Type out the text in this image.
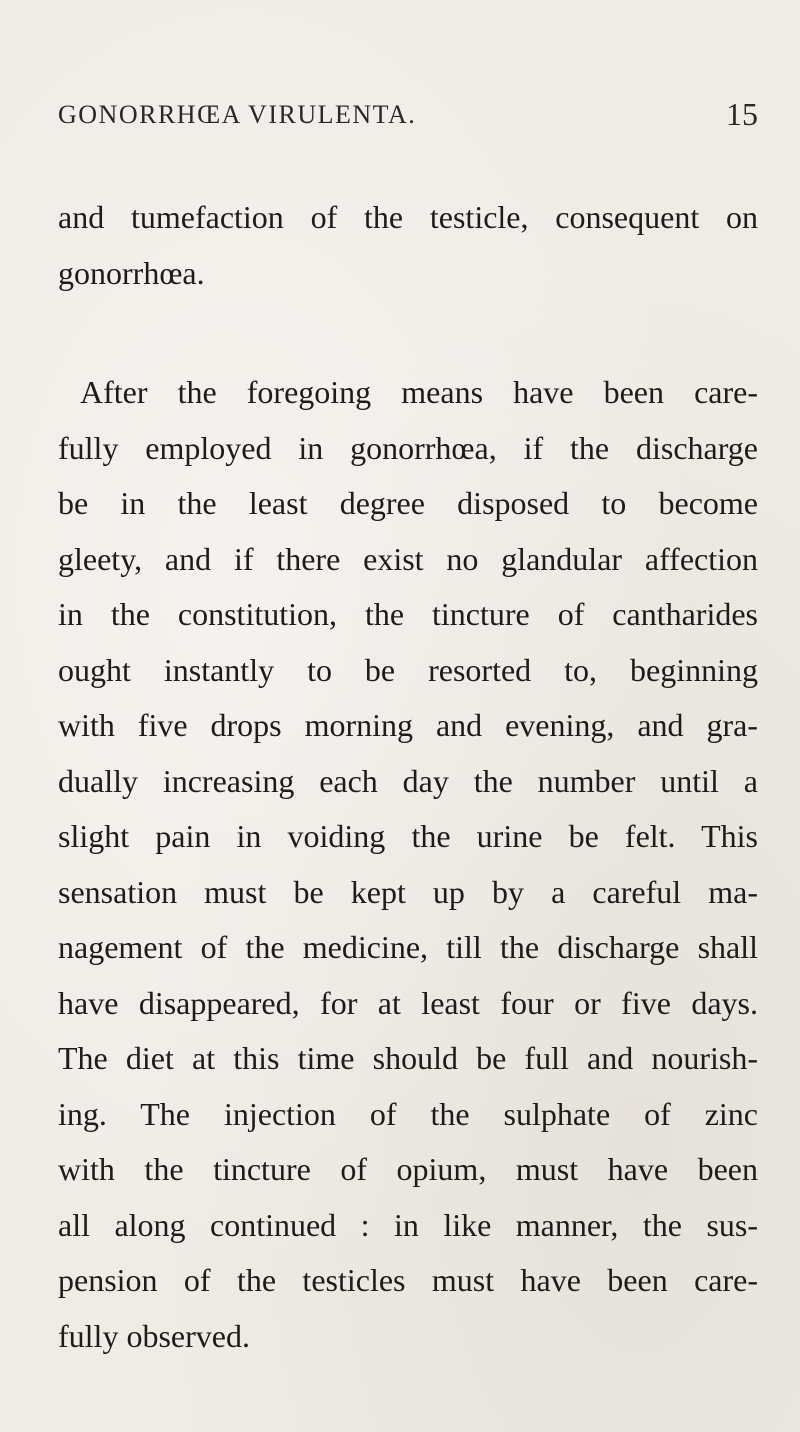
GONORRHŒA VIRULENTA.	15
and tumefaction of the testicle, consequent on
gonorrhœa.
After the foregoing means have been care-
fully employed in gonorrhœa, if the discharge
be in the least degree disposed to become
gleety, and if there exist no glandular affection
in the constitution, the tincture of cantharides
ought instantly to be resorted to, beginning
with five drops morning and evening, and gra-
dually increasing each day the number until a
slight pain in voiding the urine be felt. This
sensation must be kept up by a careful ma-
nagement of the medicine, till the discharge shall
have disappeared, for at least four or five days.
The diet at this time should be full and nourish-
ing. The injection of the sulphate of zinc
with the tincture of opium, must have been
all along continued : in like manner, the sus-
pension of the testicles must have been care-
fully observed.
